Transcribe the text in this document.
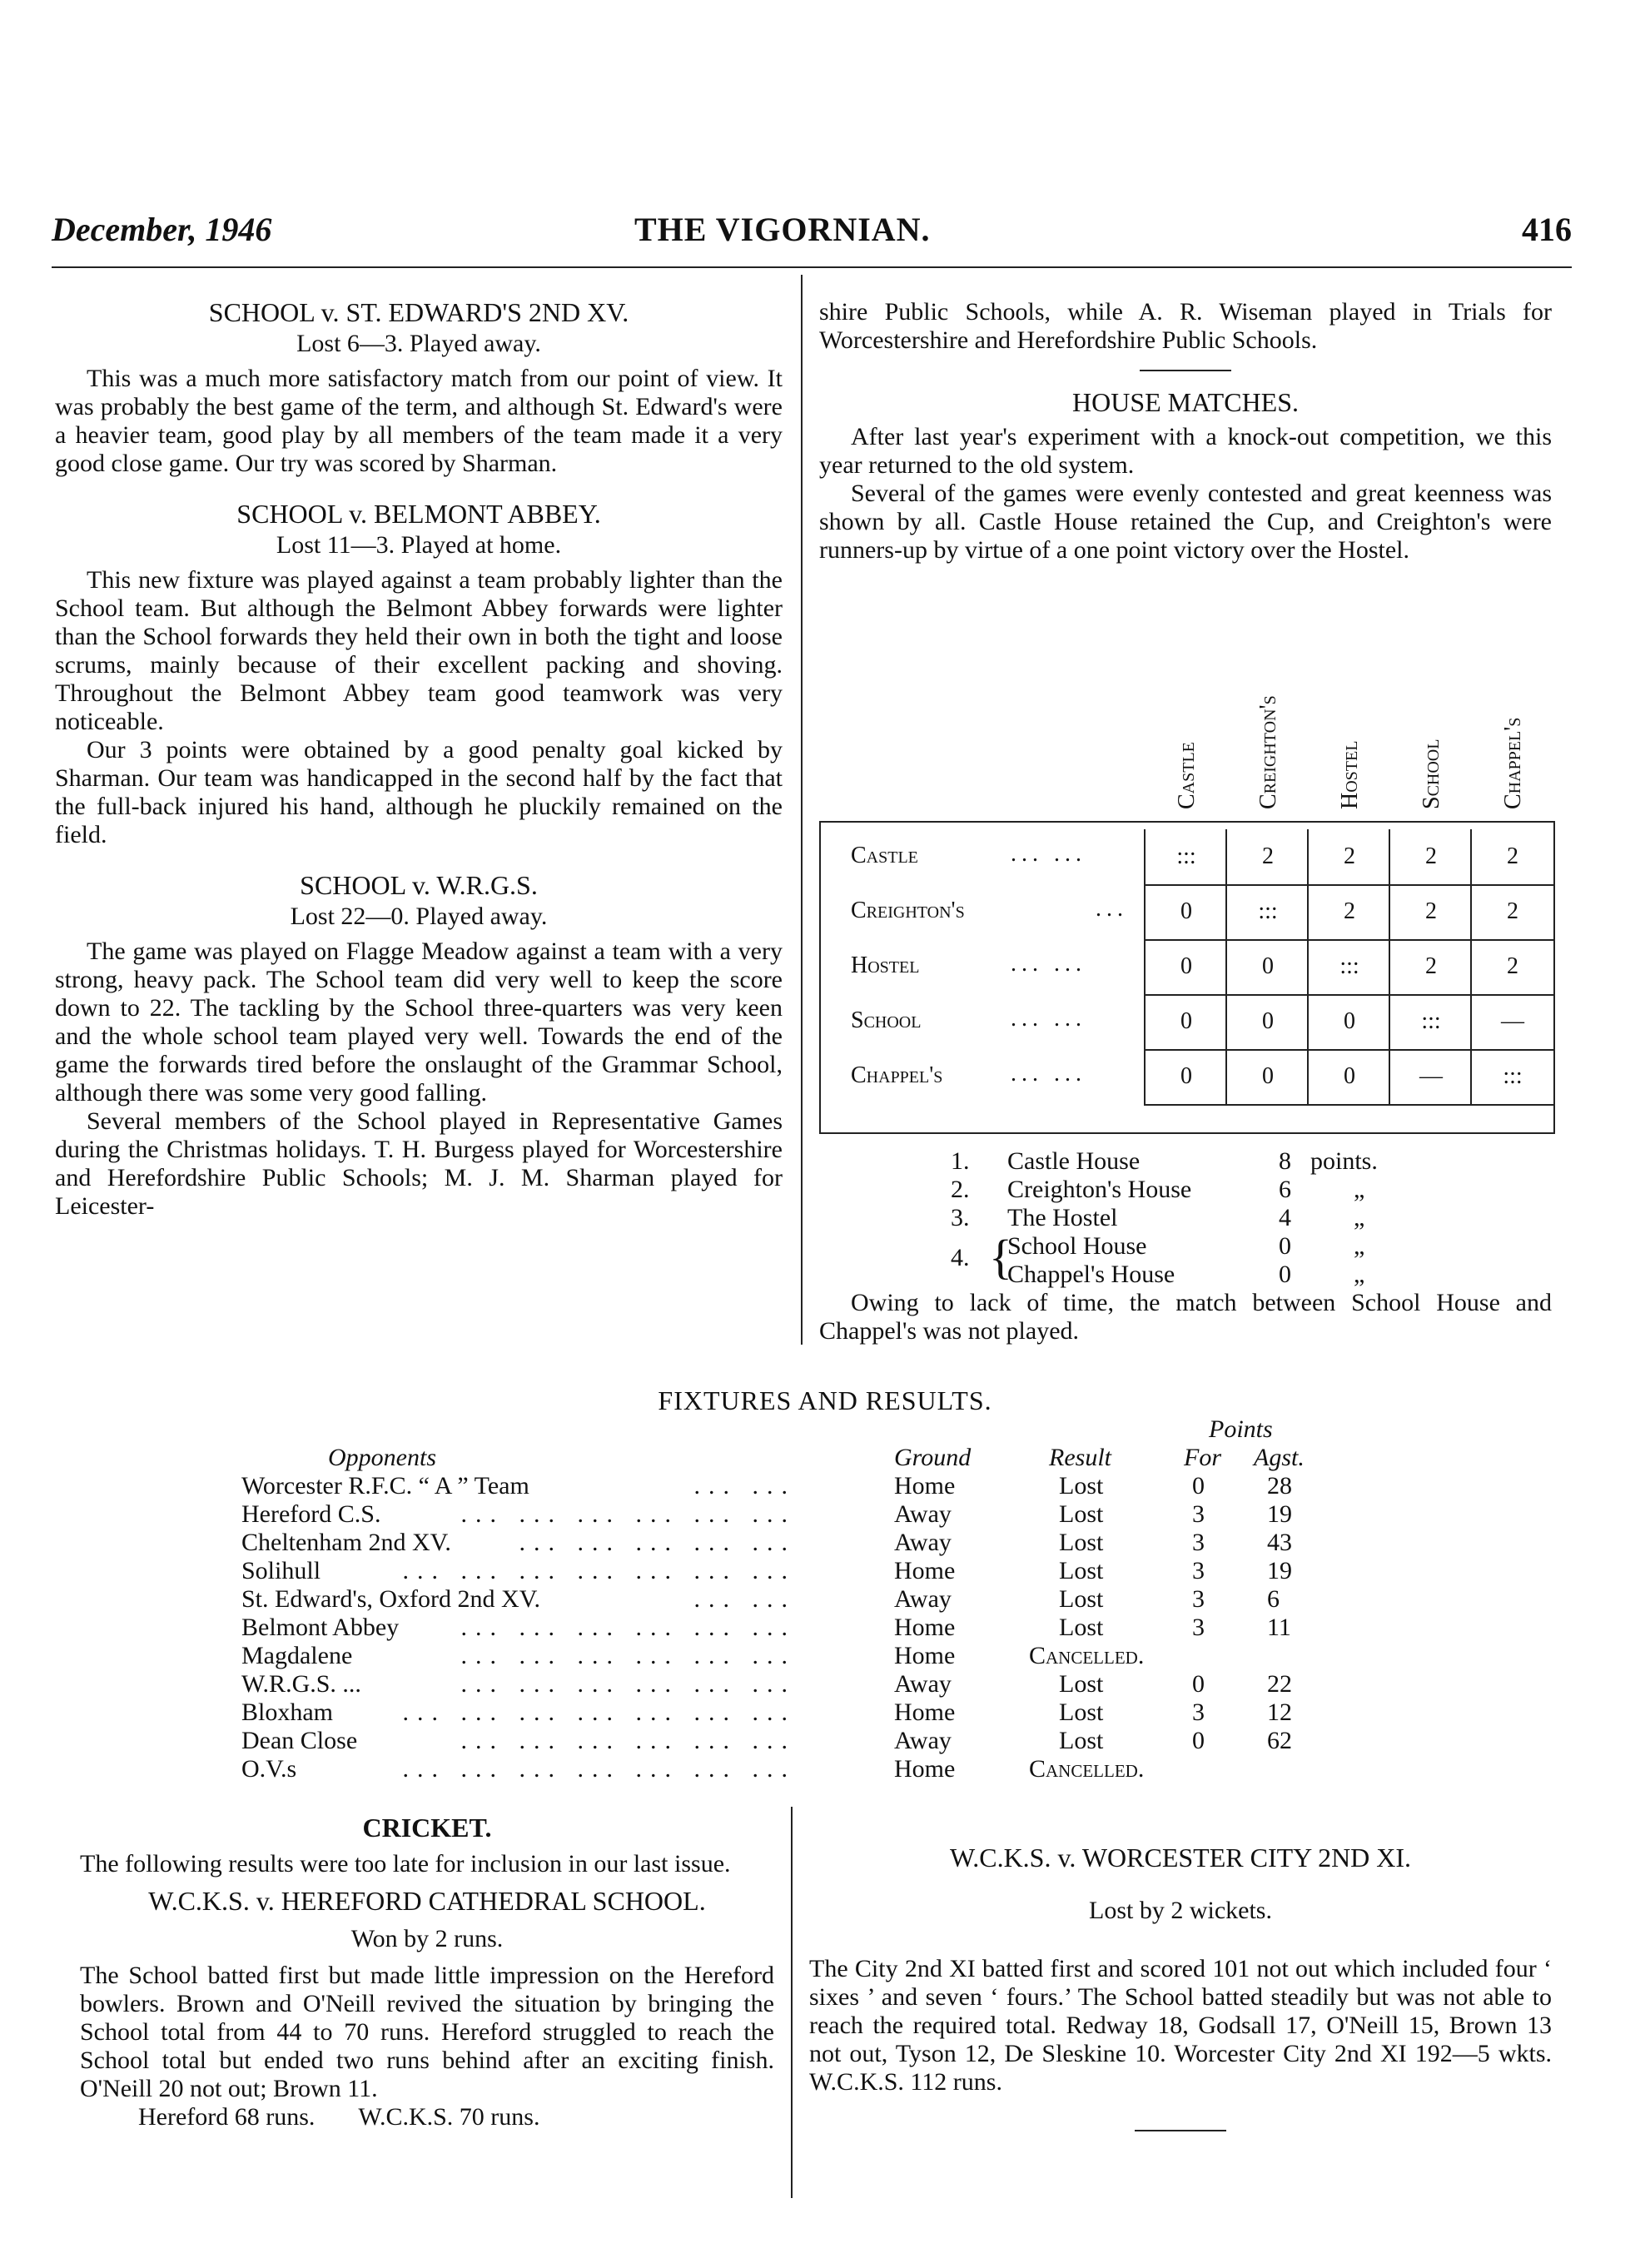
December, 1946	THE VIGORNIAN.	416
SCHOOL v. ST. EDWARD'S 2ND XV.
Lost 6—3. Played away.

This was a much more satisfactory match from our point of view. It was probably the best game of the term, and although St. Edward's were a heavier team, good play by all members of the team made it a very good close game. Our try was scored by Sharman.

SCHOOL v. BELMONT ABBEY.
Lost 11—3. Played at home.

This new fixture was played against a team probably lighter than the School team. But although the Belmont Abbey forwards were lighter than the School forwards they held their own in both the tight and loose scrums, mainly because of their excellent packing and shoving. Throughout the Belmont Abbey team good teamwork was very noticeable.

Our 3 points were obtained by a good penalty goal kicked by Sharman. Our team was handicapped in the second half by the fact that the full-back injured his hand, although he pluckily remained on the field.

SCHOOL v. W.R.G.S.
Lost 22—0. Played away.

The game was played on Flagge Meadow against a team with a very strong, heavy pack. The School team did very well to keep the score down to 22. The tackling by the School three-quarters was very keen and the whole school team played very well. Towards the end of the game the forwards tired before the onslaught of the Grammar School, although there was some very good falling.

Several members of the School played in Representative Games during the Christmas holidays. T. H. Burgess played for Worcestershire and Herefordshire Public Schools; M. J. M. Sharman played for Leicester-

shire Public Schools, while A. R. Wiseman played in Trials for Worcestershire and Herefordshire Public Schools.

HOUSE MATCHES.

After last year's experiment with a knock-out competition, we this year returned to the old system.

Several of the games were evenly contested and great keenness was shown by all. Castle House retained the Cup, and Creighton's were runners-up by virtue of a one point victory over the Hostel.

Castle Creighton's Hostel School Chappel's
Castle	... ...	:::	2	2	2	2
Creighton's	...	0	:::	2	2	2
Hostel	... ...	0	0	:::	2	2
School	... ...	0	0	0	:::	—
Chappel's	... ...	0	0	0	—	:::
1. Castle House	8 points.
2. Creighton's House	6	„
3. The Hostel	4	„
4. {
School House	0	„
Chappel's House	0	„

Owing to lack of time, the match between School House and Chappel's was not played.

FIXTURES AND RESULTS.
Points
Opponents	Ground	Result	For Agst.
Worcester R.F.C. “ A ” Team	... ...	Home	Lost	0	28
Hereford C.S.	... ... ... ... ... ...	Away	Lost	3	19
Cheltenham 2nd XV.	... ... ... ... ...	Away	Lost	3	43
Solihull	... ... ... ... ... ... ...	Home	Lost	3	19
St. Edward's, Oxford 2nd XV.	... ...	Away	Lost	3	6
Belmont Abbey ... ... ... ... ... ...	Home	Lost	3	11
Magdalene	... ... ... ... ... ...	Home	Cancelled.
W.R.G.S. ...	... ... ... ... ... ...	Away	Lost	0	22
Bloxham	... ... ... ... ... ... ...	Home	Lost	3	12
Dean Close	... ... ... ... ... ...	Away	Lost	0	62
O.V.s	... ... ... ... ... ... ...	Home	Cancelled.
CRICKET.

The following results were too late for inclusion in our last issue.

W.C.K.S. v. HEREFORD CATHEDRAL SCHOOL.
Won by 2 runs.

The School batted first but made little impression on the Hereford bowlers. Brown and O'Neill revived the situation by bringing the School total from 44 to 70 runs. Hereford struggled to reach the School total but ended two runs behind after an exciting finish. O'Neill 20 not out; Brown 11.

Hereford 68 runs.       W.C.K.S. 70 runs.

W.C.K.S. v. WORCESTER CITY 2ND XI.
Lost by 2 wickets.

The City 2nd XI batted first and scored 101 not out which included four ‘ sixes ’ and seven ‘ fours.’ The School batted steadily but was not able to reach the required total. Redway 18, Godsall 17, O'Neill 15, Brown 13 not out, Tyson 12, De Sleskine 10. Worcester City 2nd XI 192—5 wkts. W.C.K.S. 112 runs.
